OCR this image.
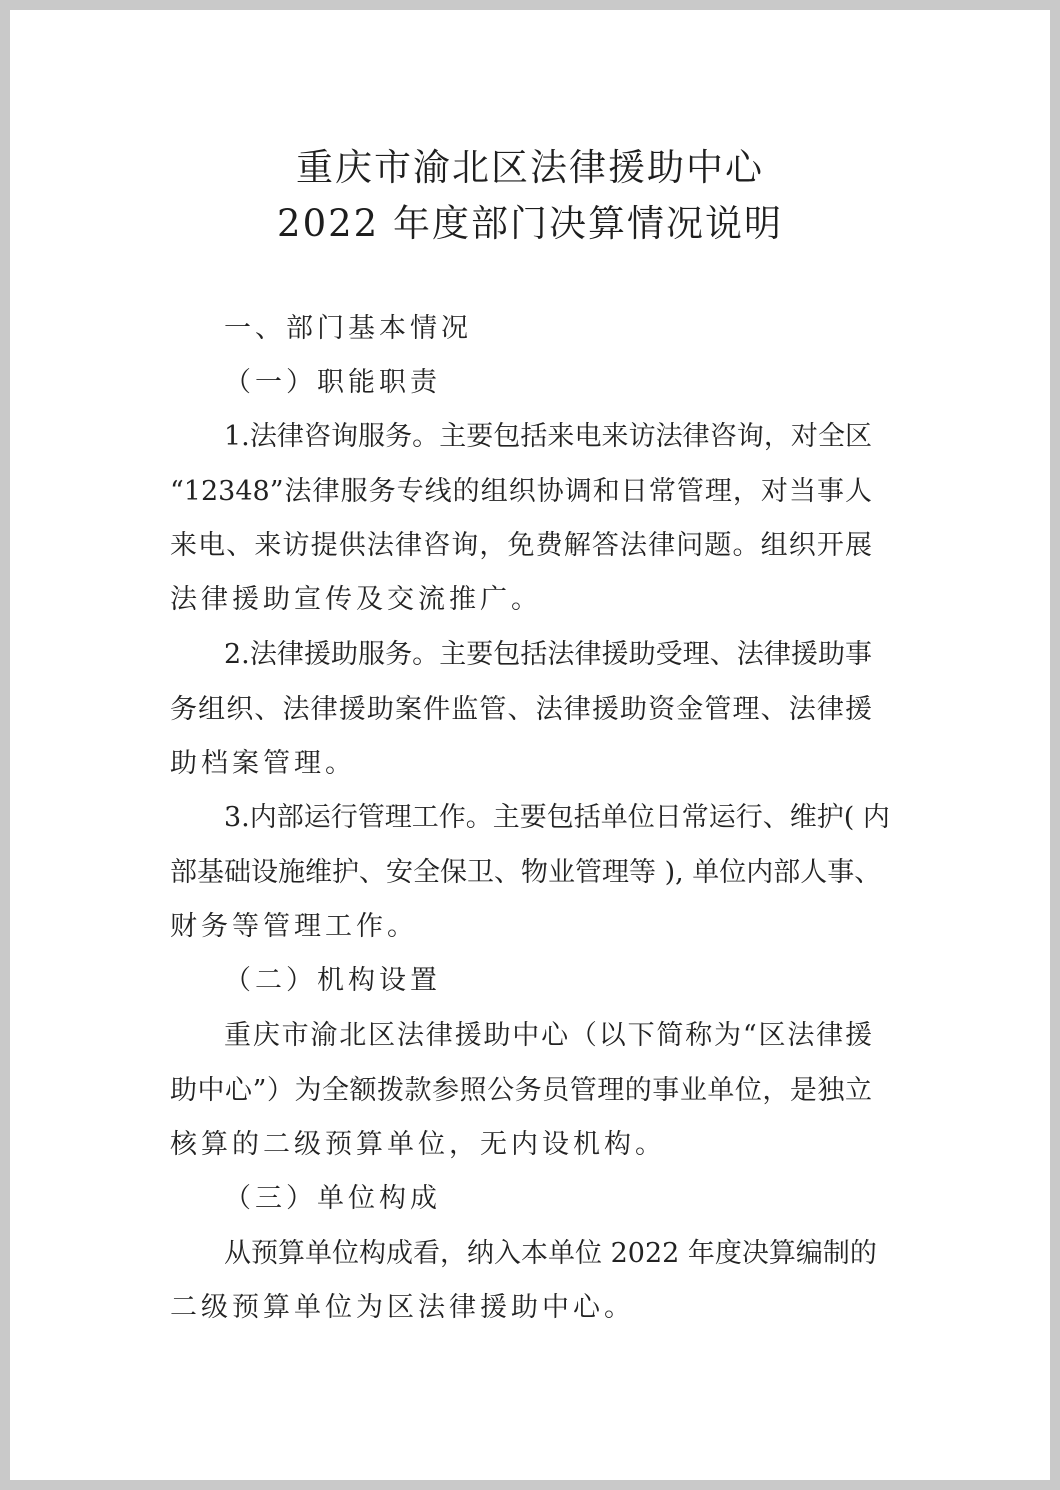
重庆市渝北区法律援助中心
2022 年度部门决算情况说明
一、部门基本情况
（一）职能职责
1.法律咨询服务。主要包括来电来访法律咨询，对全区
“12348”法律服务专线的组织协调和日常管理，对当事人
来电、来访提供法律咨询，免费解答法律问题。组织开展
法律援助宣传及交流推广。
2.法律援助服务。主要包括法律援助受理、法律援助事
务组织、法律援助案件监管、法律援助资金管理、法律援
助档案管理。
3.内部运行管理工作。主要包括单位日常运行、维护( 内
部基础设施维护、安全保卫、物业管理等 ), 单位内部人事、
财务等管理工作。
（二）机构设置
重庆市渝北区法律援助中心（以下简称为“区法律援
助中心”）为全额拨款参照公务员管理的事业单位，是独立
核算的二级预算单位，无内设机构。
（三）单位构成
从预算单位构成看，纳入本单位 2022 年度决算编制的
二级预算单位为区法律援助中心。
